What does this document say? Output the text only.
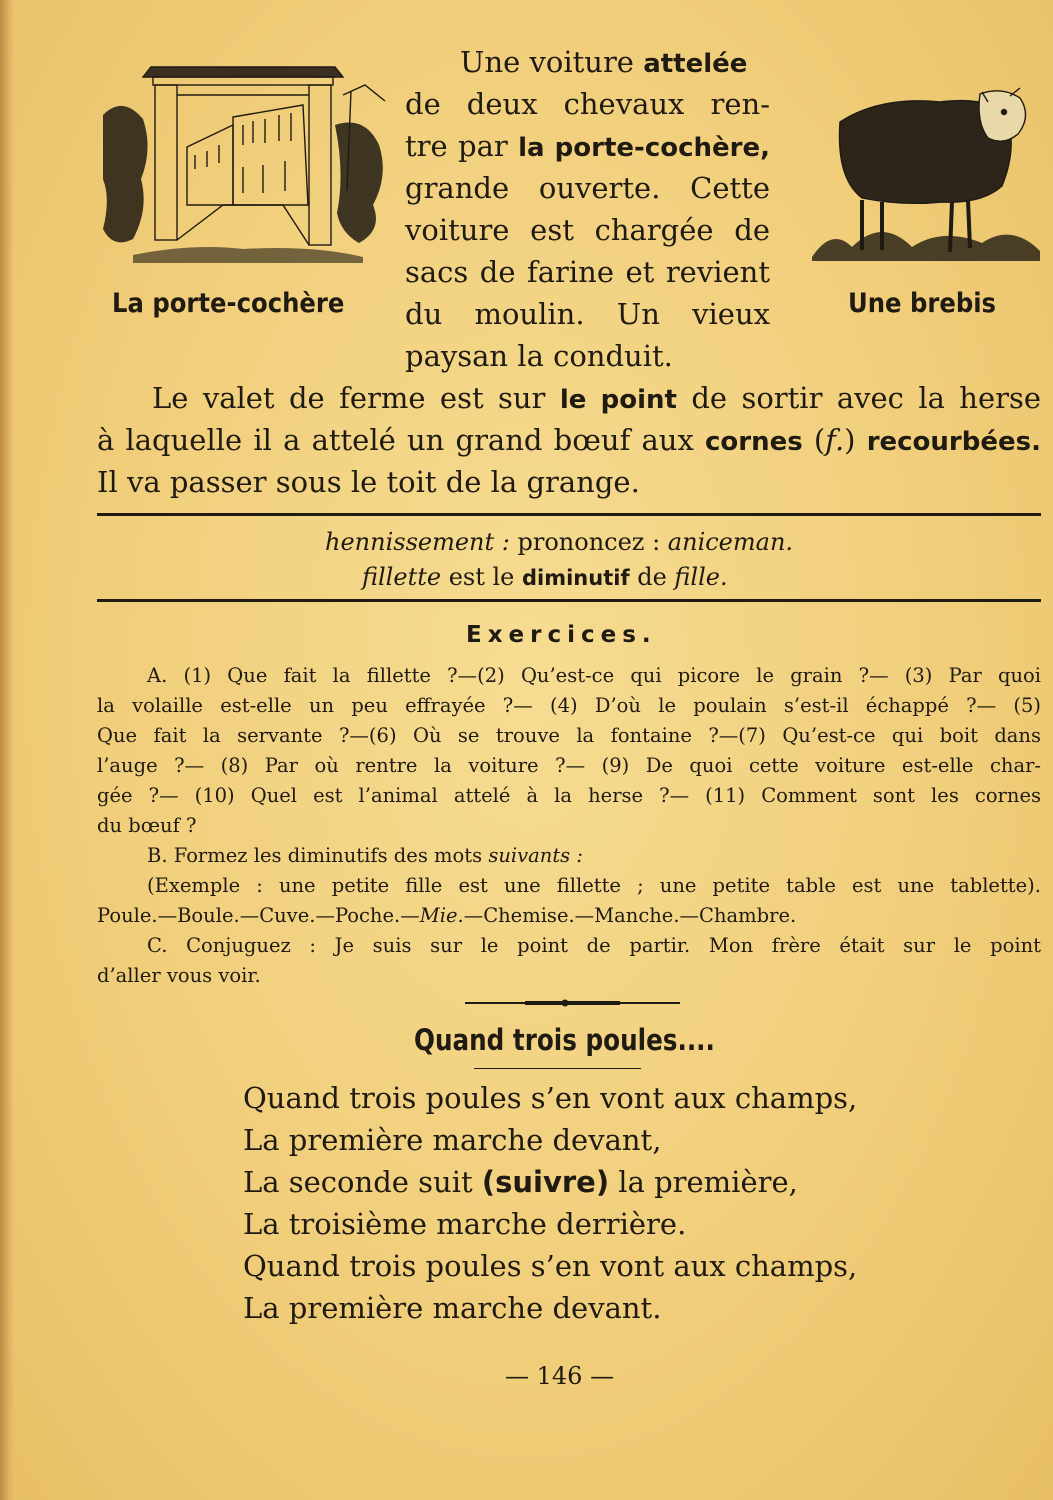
La porte-cochère	Une brebis
Une voiture attelée
de deux chevaux ren-
tre par la porte-cochère,
grande ouverte. Cette
voiture est chargée de
sacs de farine et revient
du moulin. Un vieux
paysan la conduit.
Le valet de ferme est sur le point de sortir avec la herse
à laquelle il a attelé un grand bœuf aux cornes (f.) recourbées.
Il va passer sous le toit de la grange.
hennissement : prononcez : aniceman.
fillette est le diminutif de fille.
Exercices.
A. (1) Que fait la fillette ?—(2) Qu’est-ce qui picore le grain ?— (3) Par quoi
la volaille est-elle un peu effrayée ?— (4) D’où le poulain s’est-il échappé ?— (5)
Que fait la servante ?—(6) Où se trouve la fontaine ?—(7) Qu’est-ce qui boit dans
l’auge ?— (8) Par où rentre la voiture ?— (9) De quoi cette voiture est-elle char-
gée ?— (10) Quel est l’animal attelé à la herse ?— (11) Comment sont les cornes
du bœuf ?
B. Formez les diminutifs des mots suivants :
(Exemple : une petite fille est une fillette ; une petite table est une tablette).
Poule.—Boule.—Cuve.—Poche.—Mie.—Chemise.—Manche.—Chambre.
C. Conjuguez : Je suis sur le point de partir. Mon frère était sur le point
d’aller vous voir.
Quand trois poules....
Quand trois poules s’en vont aux champs,
La première marche devant,
La seconde suit (suivre) la première,
La troisième marche derrière.
Quand trois poules s’en vont aux champs,
La première marche devant.
— 146 —
